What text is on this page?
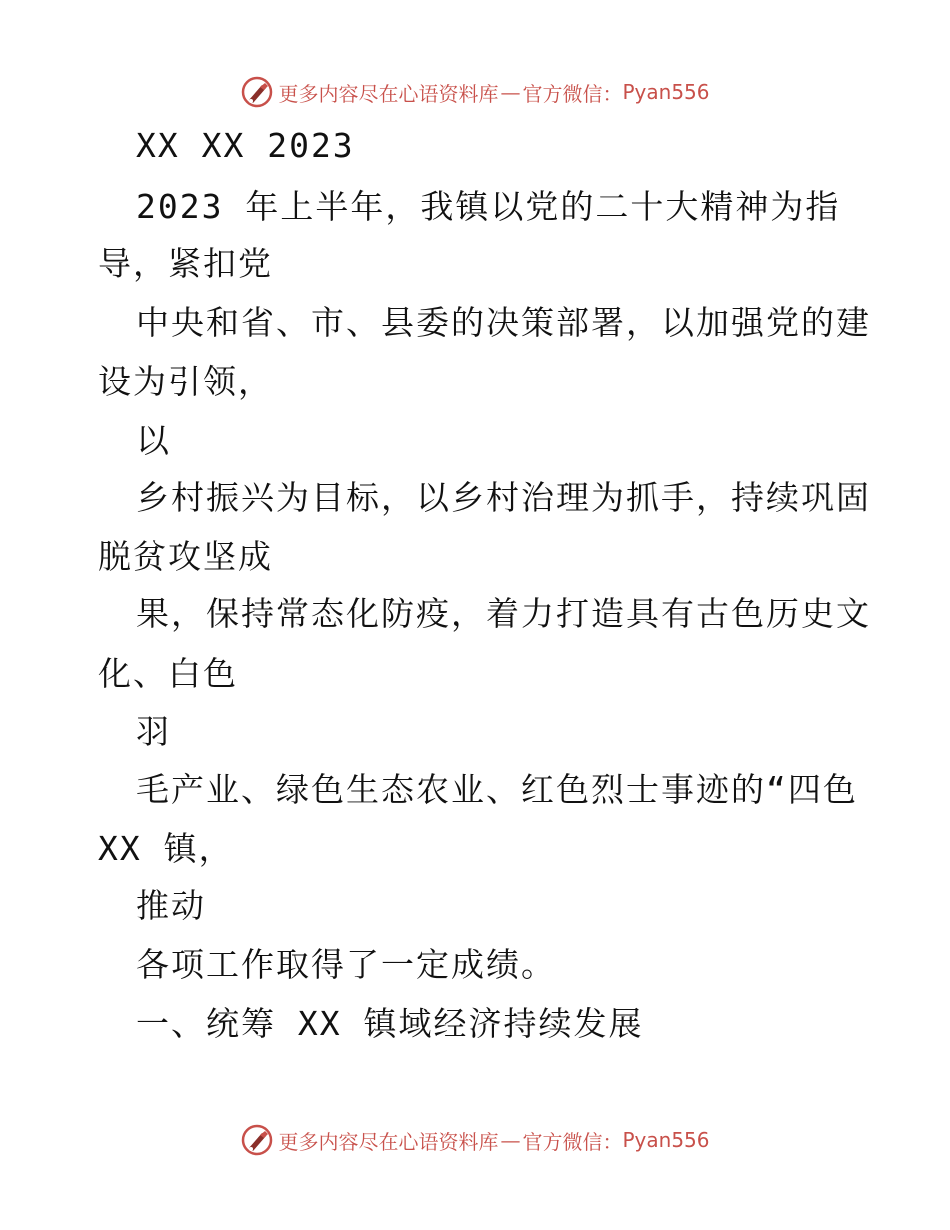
更多内容尽在心语资料库 — 官方微信： Pyan556
XX XX 2023
2023 年上半年，我镇以党的二十大精神为指
导，紧扣党
中央和省、市、县委的决策部署，以加强党的建
设为引领，
以
乡村振兴为目标，以乡村治理为抓手，持续巩固
脱贫攻坚成
果，保持常态化防疫，着力打造具有古色历史文
化、白色
羽
毛产业、绿色生态农业、红色烈士事迹的“四色
XX 镇，
推动
各项工作取得了一定成绩。
一、统筹 XX 镇域经济持续发展
更多内容尽在心语资料库 — 官方微信： Pyan556
